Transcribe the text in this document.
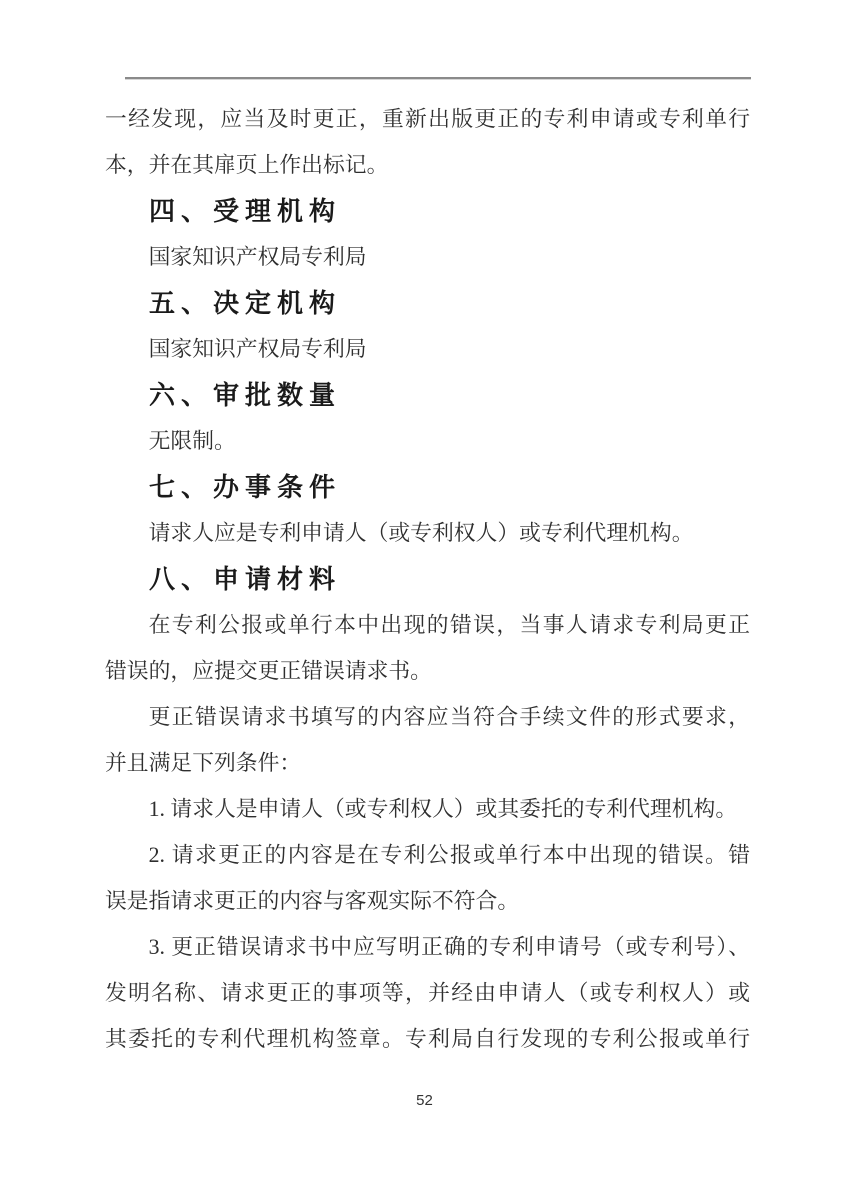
一经发现，应当及时更正，重新出版更正的专利申请或专利单行
本，并在其扉页上作出标记。
四、受理机构
国家知识产权局专利局
五、决定机构
国家知识产权局专利局
六、审批数量
无限制。
七、办事条件
请求人应是专利申请人（或专利权人）或专利代理机构。
八、申请材料
在专利公报或单行本中出现的错误，当事人请求专利局更正
错误的，应提交更正错误请求书。
更正错误请求书填写的内容应当符合手续文件的形式要求，
并且满足下列条件：
1. 请求人是申请人（或专利权人）或其委托的专利代理机构。
2. 请求更正的内容是在专利公报或单行本中出现的错误。错
误是指请求更正的内容与客观实际不符合。
3. 更正错误请求书中应写明正确的专利申请号（或专利号）、
发明名称、请求更正的事项等，并经由申请人（或专利权人）或
其委托的专利代理机构签章。专利局自行发现的专利公报或单行
52
